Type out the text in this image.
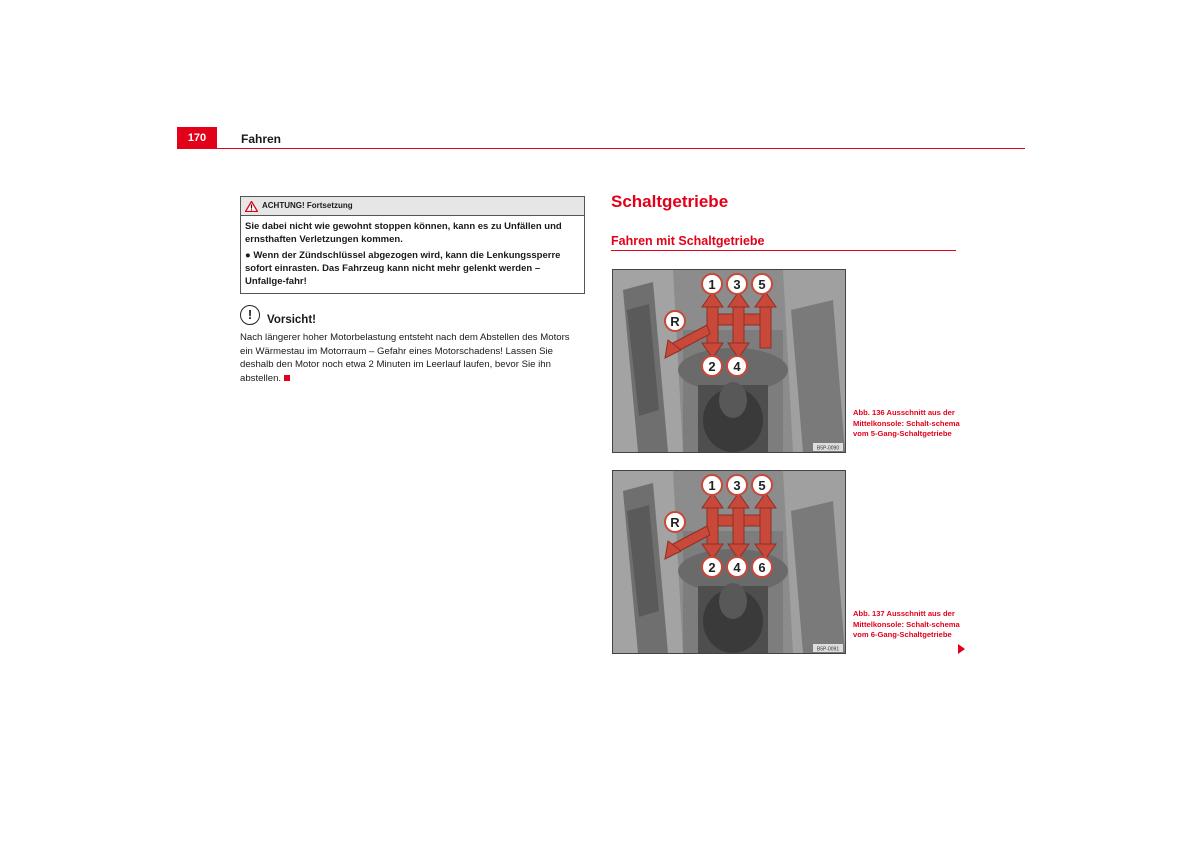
170	Fahren
ACHTUNG! Fortsetzung

Sie dabei nicht wie gewohnt stoppen können, kann es zu Unfällen und ernsthaften Verletzungen kommen.

● Wenn der Zündschlüssel abgezogen wird, kann die Lenkungssperre sofort einrasten. Das Fahrzeug kann nicht mehr gelenkt werden – Unfallge-fahr!

!	Vorsicht!
Nach längerer hoher Motorbelastung entsteht nach dem Abstellen des Motors ein Wärmestau im Motorraum – Gefahr eines Motorschadens! Lassen Sie deshalb den Motor noch etwa 2 Minuten im Leerlauf laufen, bevor Sie ihn abstellen.
Schaltgetriebe
Fahren mit Schaltgetriebe
1 3 5
R
2 4
B5P-0090
Abb. 136 Ausschnitt aus der Mittelkonsole: Schalt-schema vom 5-Gang-Schaltgetriebe
1 3 5
R
2 4 6
B5P-0091
Abb. 137 Ausschnitt aus der Mittelkonsole: Schalt-schema vom 6-Gang-Schaltgetriebe
